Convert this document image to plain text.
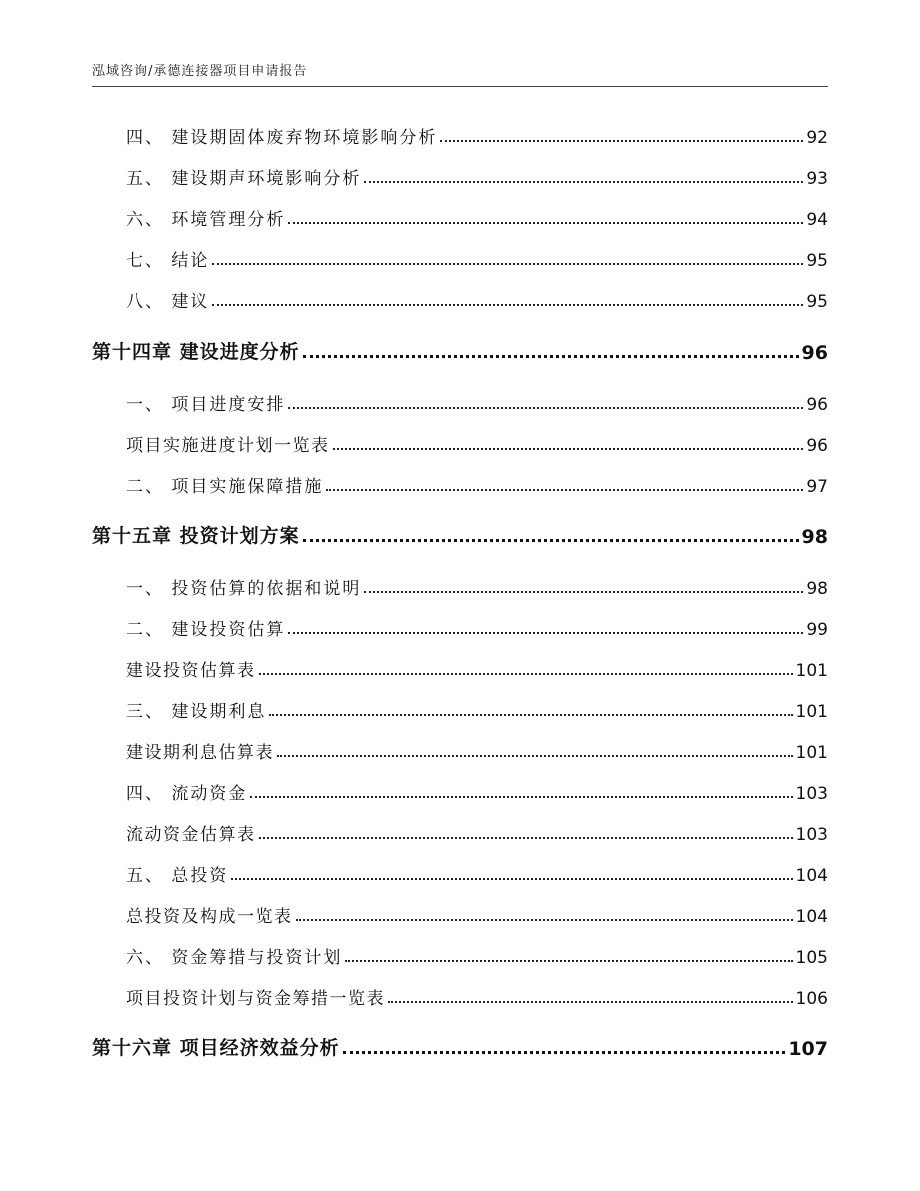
泓域咨询/承德连接器项目申请报告
四、 建设期固体废弃物环境影响分析	92
五、 建设期声环境影响分析	93
六、 环境管理分析	94
七、 结论	95
八、 建议	95
第十四章 建设进度分析	96
一、 项目进度安排	96
项目实施进度计划一览表	96
二、 项目实施保障措施	97
第十五章 投资计划方案	98
一、 投资估算的依据和说明	98
二、 建设投资估算	99
建设投资估算表	101
三、 建设期利息	101
建设期利息估算表	101
四、 流动资金	103
流动资金估算表	103
五、 总投资	104
总投资及构成一览表	104
六、 资金筹措与投资计划	105
项目投资计划与资金筹措一览表	106
第十六章 项目经济效益分析	107
